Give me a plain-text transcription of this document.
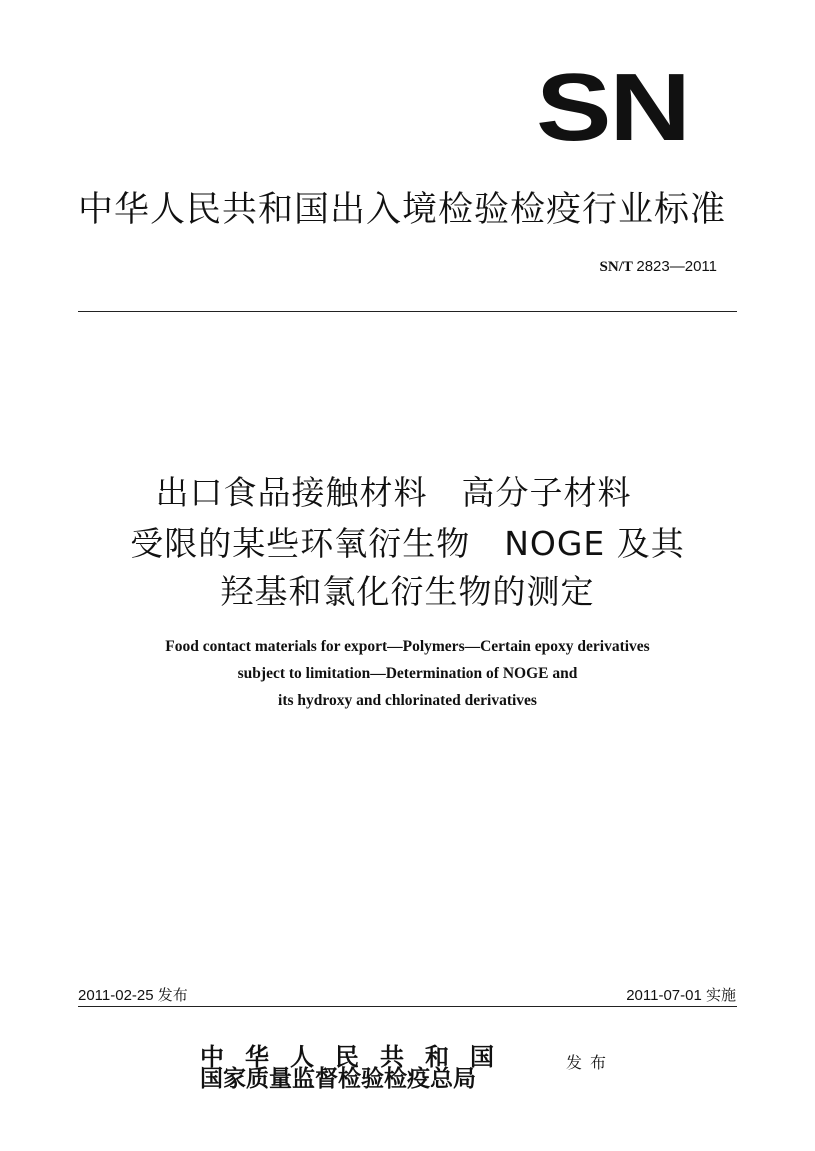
SN
中华人民共和国出入境检验检疫行业标准
SN/T 2823—2011
出口食品接触材料　高分子材料
受限的某些环氧衍生物　NOGE 及其
羟基和氯化衍生物的测定
Food contact materials for export—Polymers—Certain epoxy derivatives
subject to limitation—Determination of NOGE and
its hydroxy and chlorinated derivatives
2011-02-25 发布	2011-07-01 实施
中华人民共和国
国家质量监督检验检疫总局
发布
